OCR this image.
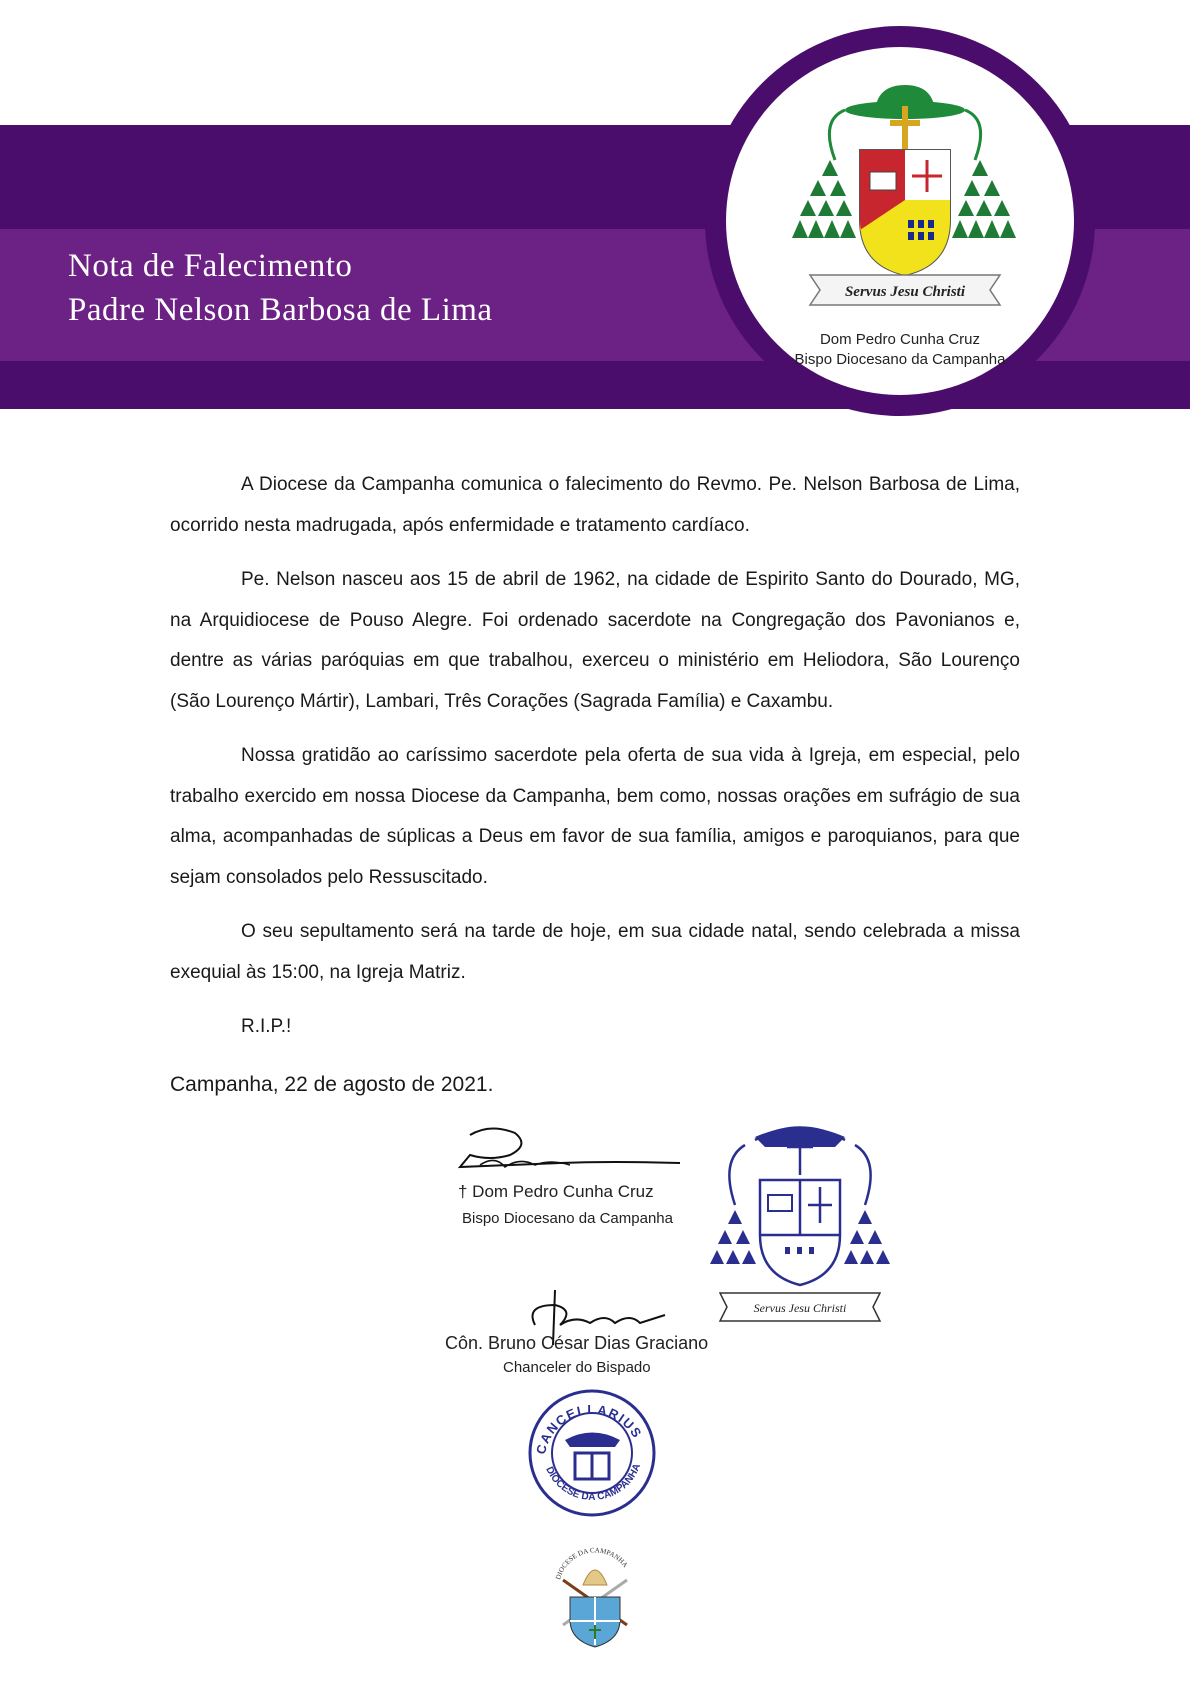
Nota de Falecimento
Padre Nelson Barbosa de Lima	Servus Jesu Christi
Dom Pedro Cunha Cruz
Bispo Diocesano da Campanha

A Diocese da Campanha comunica o falecimento do Revmo. Pe. Nelson Barbosa de Lima, ocorrido nesta madrugada, após enfermidade e tratamento cardíaco.

Pe. Nelson nasceu aos 15 de abril de 1962, na cidade de Espirito Santo do Dourado, MG, na Arquidiocese de Pouso Alegre. Foi ordenado sacerdote na Congregação dos Pavonianos e, dentre as várias paróquias em que trabalhou, exerceu o ministério em Heliodora, São Lourenço (São Lourenço Mártir), Lambari, Três Corações (Sagrada Família) e Caxambu.

Nossa gratidão ao caríssimo sacerdote pela oferta de sua vida à Igreja, em especial, pelo trabalho exercido em nossa Diocese da Campanha, bem como, nossas orações em sufrágio de sua alma, acompanhadas de súplicas a Deus em favor de sua família, amigos e paroquianos, para que sejam consolados pelo Ressuscitado.

O seu sepultamento será na tarde de hoje, em sua cidade natal, sendo celebrada a missa exequial às 15:00, na Igreja Matriz.

R.I.P.!

Campanha, 22 de agosto de 2021.
† Dom Pedro Cunha Cruz
Bispo Diocesano da Campanha
Servus Jesu Christi
Côn. Bruno César Dias Graciano
Chanceler do Bispado
CANCELLARIUS
DIOCESE DA CAMPANHA
DIOCESE DA CAMPANHA
